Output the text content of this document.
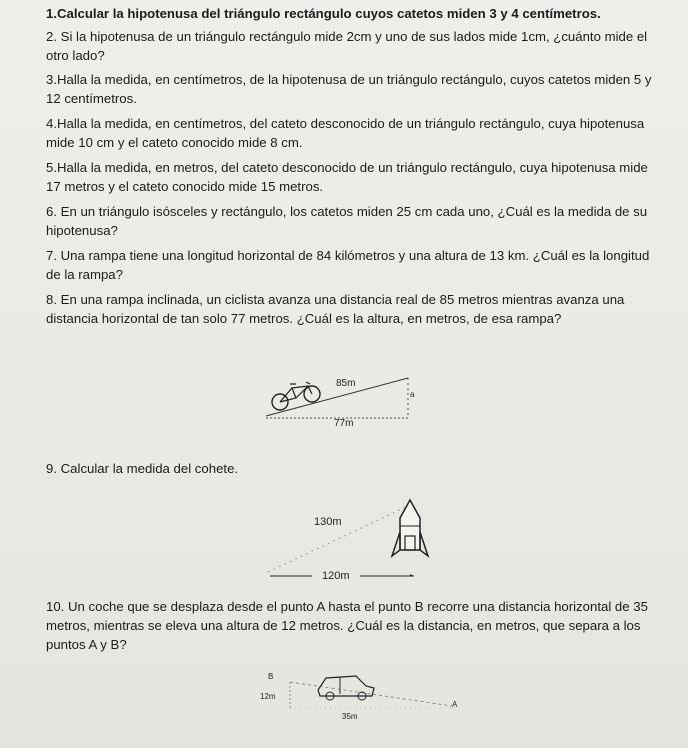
1.Calcular la hipotenusa del triángulo rectángulo cuyos catetos miden 3 y 4 centímetros.

2. Si la hipotenusa de un triángulo rectángulo mide 2cm y uno de sus lados mide 1cm, ¿cuánto mide el otro lado?

3.Halla la medida, en centímetros, de la hipotenusa de un triángulo rectángulo, cuyos catetos miden 5 y 12 centímetros.

4.Halla la medida, en centímetros, del cateto desconocido de un triángulo rectángulo, cuya hipotenusa mide 10 cm y el cateto conocido mide 8 cm.

5.Halla la medida, en metros, del cateto desconocido de un triángulo rectángulo, cuya hipotenusa mide 17 metros y el cateto conocido mide 15 metros.

6. En un triángulo isósceles y rectángulo, los catetos miden 25 cm cada uno, ¿Cuál es la medida de su hipotenusa?

7. Una rampa tiene una longitud horizontal de 84 kilómetros y una altura de 13 km. ¿Cuál es la longitud de la rampa?

8. En una rampa inclinada, un ciclista avanza una distancia real de 85 metros mientras avanza una distancia horizontal de tan solo 77 metros. ¿Cuál es la altura, en metros, de esa rampa?

85m
a
77m

9. Calcular la medida del cohete.

130m
120m

10. Un coche que se desplaza desde el punto A hasta el punto B recorre una distancia horizontal de 35 metros, mientras se eleva una altura de 12 metros. ¿Cuál es la distancia, en metros, que separa a los puntos A y B?

B
A
12m
35m
